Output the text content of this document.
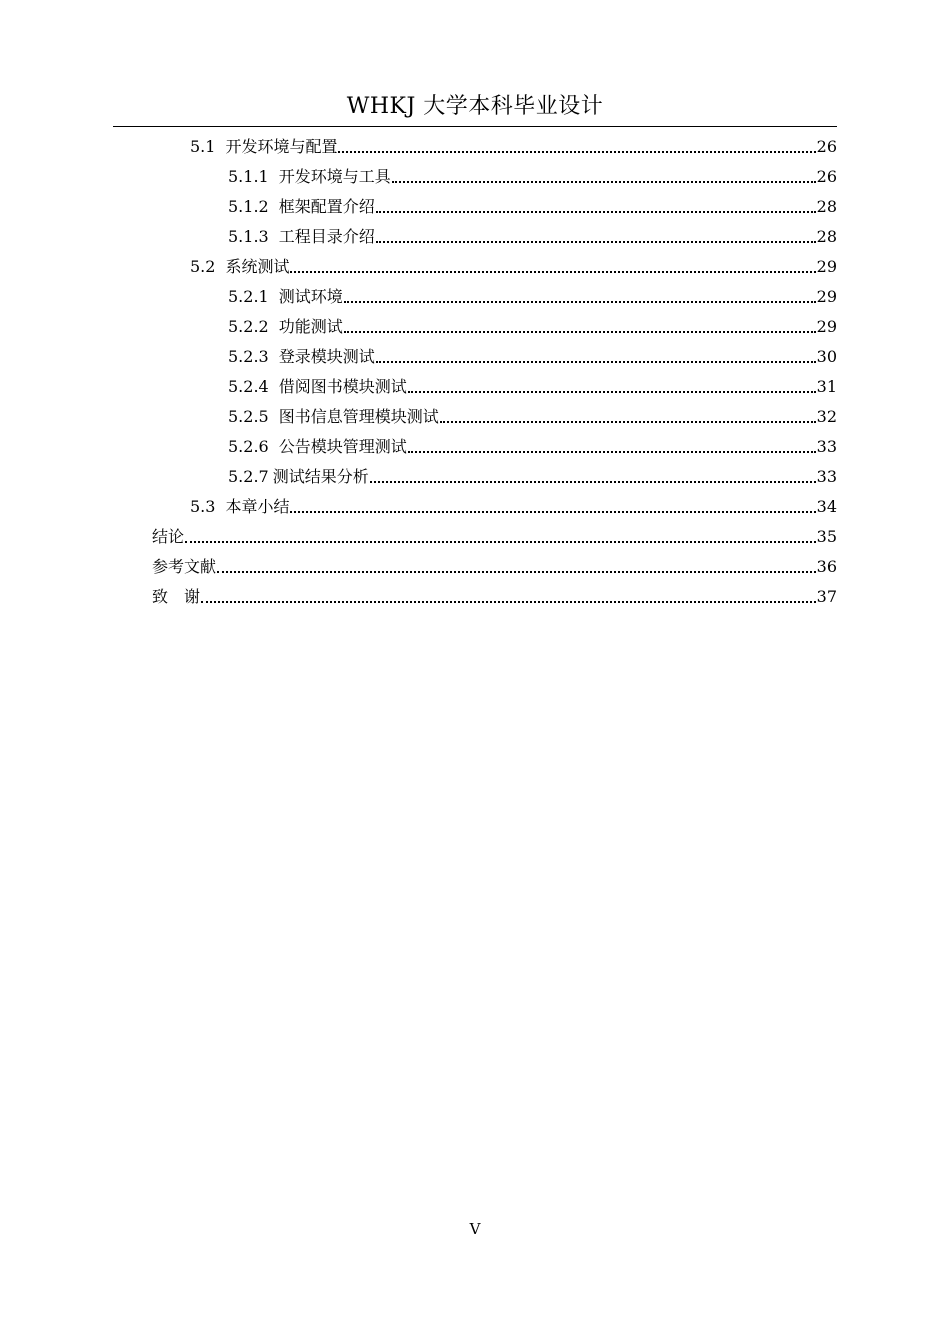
WHKJ 大学本科毕业设计
5.1 开发环境与配置	26
5.1.1 开发环境与工具	26
5.1.2 框架配置介绍	28
5.1.3 工程目录介绍	28
5.2 系统测试	29
5.2.1 测试环境	29
5.2.2 功能测试	29
5.2.3 登录模块测试	30
5.2.4 借阅图书模块测试	31
5.2.5 图书信息管理模块测试	32
5.2.6 公告模块管理测试	33
5.2.7 测试结果分析	33
5.3 本章小结	34
结论	35
参考文献	36
致　谢	37
V
